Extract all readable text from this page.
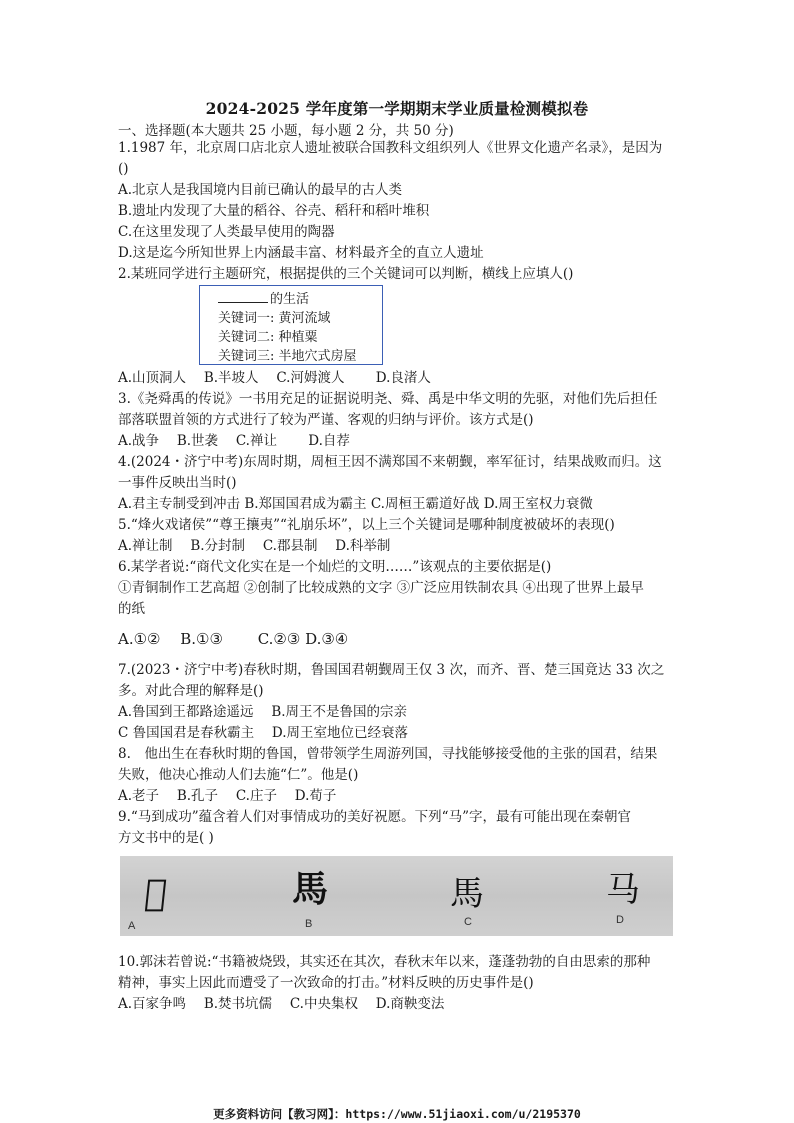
2024-2025 学年度第一学期期末学业质量检测模拟卷
一、选择题(本大题共 25 小题，每小题 2 分，共 50 分)
1.1987 年，北京周口店北京人遗址被联合国教科文组织列人《世界文化遗产名录》，是因为
()
A.北京人是我国境内目前已确认的最早的古人类
B.遗址内发现了大量的稻谷、谷壳、稻秆和稻叶堆积
C.在这里发现了人类最早使用的陶器
D.这是迄今所知世界上内涵最丰富、材料最齐全的直立人遗址
2.某班同学进行主题研究，根据提供的三个关键词可以判断，横线上应填人()
的生活
关键词一: 黄河流域
关键词二: 种植粟
关键词三: 半地穴式房屋
A.山顶洞人　 B.半坡人　 C.河姆渡人　　 D.良渚人
3.《尧舜禹的传说》一书用充足的证据说明尧、舜、禹是中华文明的先驱，对他们先后担任
部落联盟首领的方式进行了较为严谨、客观的归纳与评价。该方式是()
A.战争　 B.世袭　 C.禅让　　 D.自荐
4.(2024・济宁中考)东周时期，周桓王因不满郑国不来朝觐，率军征讨，结果战败而归。这
一事件反映出当时()
A.君主专制受到冲击 B.郑国国君成为霸主 C.周桓王霸道好战 D.周王室权力衰微
5.“烽火戏诸侯”“尊王攘夷”“礼崩乐坏”，以上三个关键词是哪种制度被破坏的表现()
A.禅让制　 B.分封制　 C.郡县制　 D.科举制
6.某学者说:“商代文化实在是一个灿烂的文明……”该观点的主要依据是()
①青铜制作工艺高超 ②创制了比较成熟的文字 ③广泛应用铁制农具 ④出现了世界上最早
的纸
A.①②　 B.①③　　 C.②③ D.③④
7.(2023・济宁中考)春秋时期，鲁国国君朝觐周王仅 3 次，而齐、晋、楚三国竟达 33 次之
多。对此合理的解释是()
A.鲁国到王都路途遥远　 B.周王不是鲁国的宗亲
C 鲁国国君是春秋霸主　 D.周王室地位已经衰落
8.　他出生在春秋时期的鲁国，曾带领学生周游列国，寻找能够接受他的主张的国君，结果
失败，他决心推动人们去施“仁”。他是()
A.老子　 B.孔子　 C.庄子　 D.荀子
9.“马到成功”蕴含着人们对事情成功的美好祝愿。下列“马”字，最有可能出现在秦朝官
方文书中的是( )
𢑴	馬	馬	马
A	B	C	D
10.郭沫若曾说:“书籍被烧毁，其实还在其次，春秋末年以来，蓬蓬勃勃的自由思索的那种
精神，事实上因此而遭受了一次致命的打击。”材料反映的历史事件是()
A.百家争鸣　 B.焚书坑儒　 C.中央集权　 D.商鞅变法
更多资料访问【教习网】：https://www.51jiaoxi.com/u/2195370
